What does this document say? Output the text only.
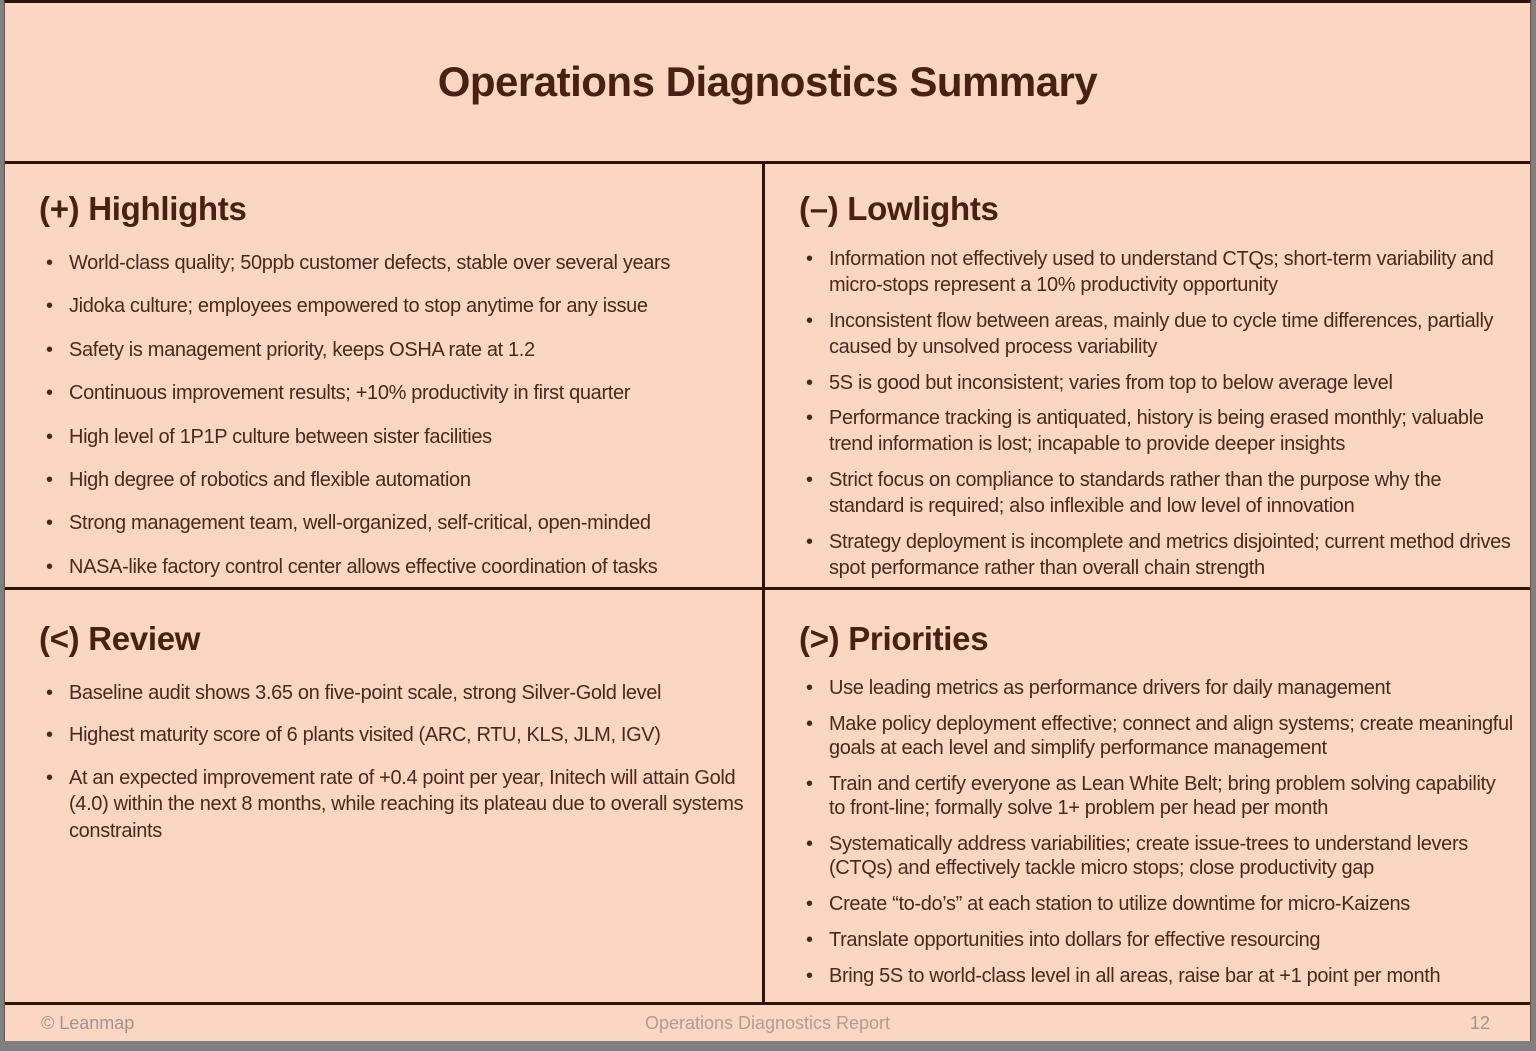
Operations Diagnostics Summary
(+) Highlights
• World-class quality; 50ppb customer defects, stable over several years
• Jidoka culture; employees empowered to stop anytime for any issue
• Safety is management priority, keeps OSHA rate at 1.2
• Continuous improvement results; +10% productivity in first quarter
• High level of 1P1P culture between sister facilities
• High degree of robotics and flexible automation
• Strong management team, well-organized, self-critical, open-minded
• NASA-like factory control center allows effective coordination of tasks
(–) Lowlights
• Information not effectively used to understand CTQs; short-term variability and micro-stops represent a 10% productivity opportunity
• Inconsistent flow between areas, mainly due to cycle time differences, partially caused by unsolved process variability
• 5S is good but inconsistent; varies from top to below average level
• Performance tracking is antiquated, history is being erased monthly; valuable trend information is lost; incapable to provide deeper insights
• Strict focus on compliance to standards rather than the purpose why the standard is required; also inflexible and low level of innovation
• Strategy deployment is incomplete and metrics disjointed; current method drives spot performance rather than overall chain strength
(<) Review
• Baseline audit shows 3.65 on five-point scale, strong Silver-Gold level
• Highest maturity score of 6 plants visited (ARC, RTU, KLS, JLM, IGV)
• At an expected improvement rate of +0.4 point per year, Initech will attain Gold (4.0) within the next 8 months, while reaching its plateau due to overall systems constraints
(>) Priorities
• Use leading metrics as performance drivers for daily management
• Make policy deployment effective; connect and align systems; create meaningful goals at each level and simplify performance management
• Train and certify everyone as Lean White Belt; bring problem solving capability to front-line; formally solve 1+ problem per head per month
• Systematically address variabilities; create issue-trees to understand levers (CTQs) and effectively tackle micro stops; close productivity gap
• Create “to-do’s” at each station to utilize downtime for micro-Kaizens
• Translate opportunities into dollars for effective resourcing
• Bring 5S to world-class level in all areas, raise bar at +1 point per month
© Leanmap	Operations Diagnostics Report	12
